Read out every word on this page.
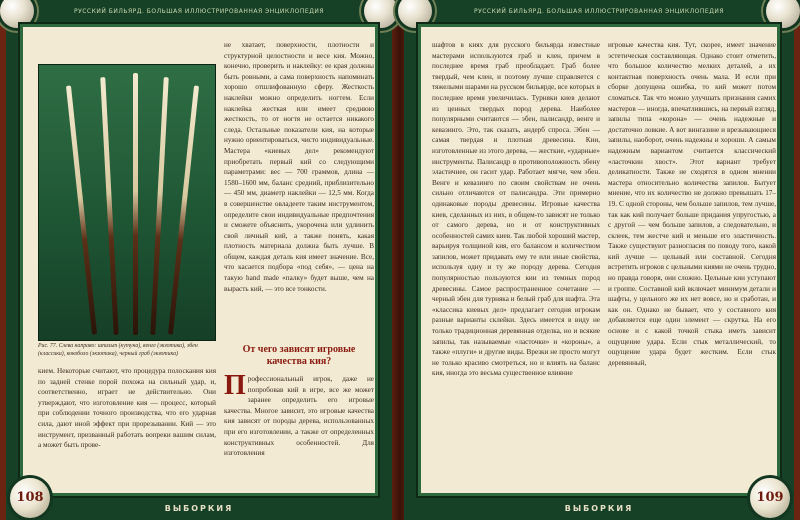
РУССКИЙ БИЛЬЯРД. БОЛЬШАЯ ИЛЛЮСТРИРОВАННАЯ ЭНЦИКЛОПЕДИЯ
Рис. 77. Слева направо: шпальт (кутуна), венге (экзотика), эбен (классика), кокоболо (экзотика), черный граб (экзотика)
не хватает, поверхности, плотности и структурной целостности и весе кия. Можно, конечно, проверить и наклейку: ее края должны быть ровными, а сама поверхность напоминать хорошо отшлифованную сферу. Жесткость наклейки можно определить ногтем. Если наклейка жесткая или имеет среднюю жесткость, то от ногтя не остается никакого следа. Остальные показатели кия, на которые нужно ориентироваться, чисто индивидуальные. Мастера «киевых дел» рекомендуют приобретать первый кий со следующими параметрами: вес — 700 граммов, длина — 1580–1600 мм, баланс средний, приблизительно — 450 мм, диаметр наклейки — 12,5 мм. Когда в совершенстве овладеете таким инструментом, определите свои индивидуальные предпочтения и сможете объяснить, укорочена или удлинить свой личный кий, а также понять, какая плотность материала должна быть лучше. В общем, каждая деталь кия имеет значение. Все, что касается подбора «под себя», — цена на такую hand made «палку» будет выше, чем на вырасть кий, — это все тонкости.
кием. Некоторые считают, что процедура полоскания кия по задней стенке порой похожа на сильный удар, и, соответственно, играет не действительно. Они утверждают, что изготовление кия — процесс, который при соблюдении точного производства, что его ударная сила, дают иной эффект при прорезывании. Кий — это инструмент, призванный работать вопреки вашим силам, а может быть прове-
От чего зависят игровые качества кия?
Профессиональный игрок, даже не попробовав кий в игре, все же может заранее определить его игровые качества. Многое зависит, это игровые качества кия зависят от породы дерева, использованных при его изготовлении, а также от определенных конструктивных особенностей. Для изготовления
ВЫБОРКИЯ
108
РУССКИЙ БИЛЬЯРД. БОЛЬШАЯ ИЛЛЮСТРИРОВАННАЯ ЭНЦИКЛОПЕДИЯ
шафтов в киях для русского бильярда известные мастерами используются граб и клен, причем в последнее время граб преобладает. Граб более твердый, чем клен, и поэтому лучше справляется с тяжелыми шарами на русском бильярде, все которых в последнее время увеличилась. Турняки киев делают из ценных твердых пород дерева. Наиболее популярными считаются — эбен, палисандр, венге и кевазинго. Это, так сказать, андерб спроса. Эбен — самая твердая и плотная древесина. Кии, изготовленные из этого дерева, — жесткие, «ударные» инструменты. Палисандр в противоположность эбену эластичнее, он гасит удар. Работает мягче, чем эбен. Венге и кевазинго по своим свойствам не очень сильно отличаются от палисандра. Эти примерно одинаковые породы древесины. Игровые качества киев, сделанных из них, в общем-то зависят не только от самого дерева, но и от конструктивных особенностей самих киев. Так любой хороший мастер, варьируя толщиной кия, его балансом и количеством запилов, может придавать ему те или иные свойства, используя одну и ту же породу дерева. Сегодня популярностью пользуются кии из темных пород древесины. Самое распространенное сочетание — черный эбен для турняка и белый граб для шафта. Эта «классика киевых дел» предлагает сегодня игрокам разные варианты склейки. Здесь имеется в виду не только традиционная деревянная отделка, но и всякие запилы, так называемые «ласточки» и «короны», а также «плуги» и другие виды. Врезки не просто могут не только красиво смотреться, но и влиять на баланс кия, иногда это весьма существенное влияние
игровые качества кия. Тут, скорее, имеет значение эстетическая составляющая. Однако стоит отметить, что большое количество мелких деталей, а их контактная поверхность очень мала. И если при сборке допущена ошибка, то кий может потом сломаться. Так что можно улучшать признания самих мастеров — иногда, впечатлившись, на первый взгляд, запилы типа «корона» — очень надежные и достаточно ловкие. А вот вингазине и врезывающиеся запилы, наоборот, очень надежны и хороши. А самым надежным вариантом считается классический «ласточкин хвост». Этот вариант требует деликатности. Также не сходятся в одном мнении мастера относительно количества запилов. Бытует мнение, что их количество не должно превышать 17–19. С одной стороны, чем больше запилов, тем лучше, так как кий получает больше придания упругостью, а с другой — чем больше запилов, а следовательно, и склеек, тем жестче кий и меньше его эластичность. Также существуют разногласия по поводу того, какой кий лучше — цельный или составной. Сегодня встретить игроков с цельными киями не очень трудно, но правда говоря, они сложно. Цельные кии уступают и гроппе. Составной кий включает минимум детали и шафты, у цельного же их нет вовсе, но и сработан, и как он. Однако не бывает, что у составного кия добавляется еще один элемент — скрутка. На его основе и с какой точкой стыка иметь зависит ощущение удара. Если стык металлический, то ощущение удара будет жестким. Если стык деревянный,
ВЫБОРКИЯ
109
